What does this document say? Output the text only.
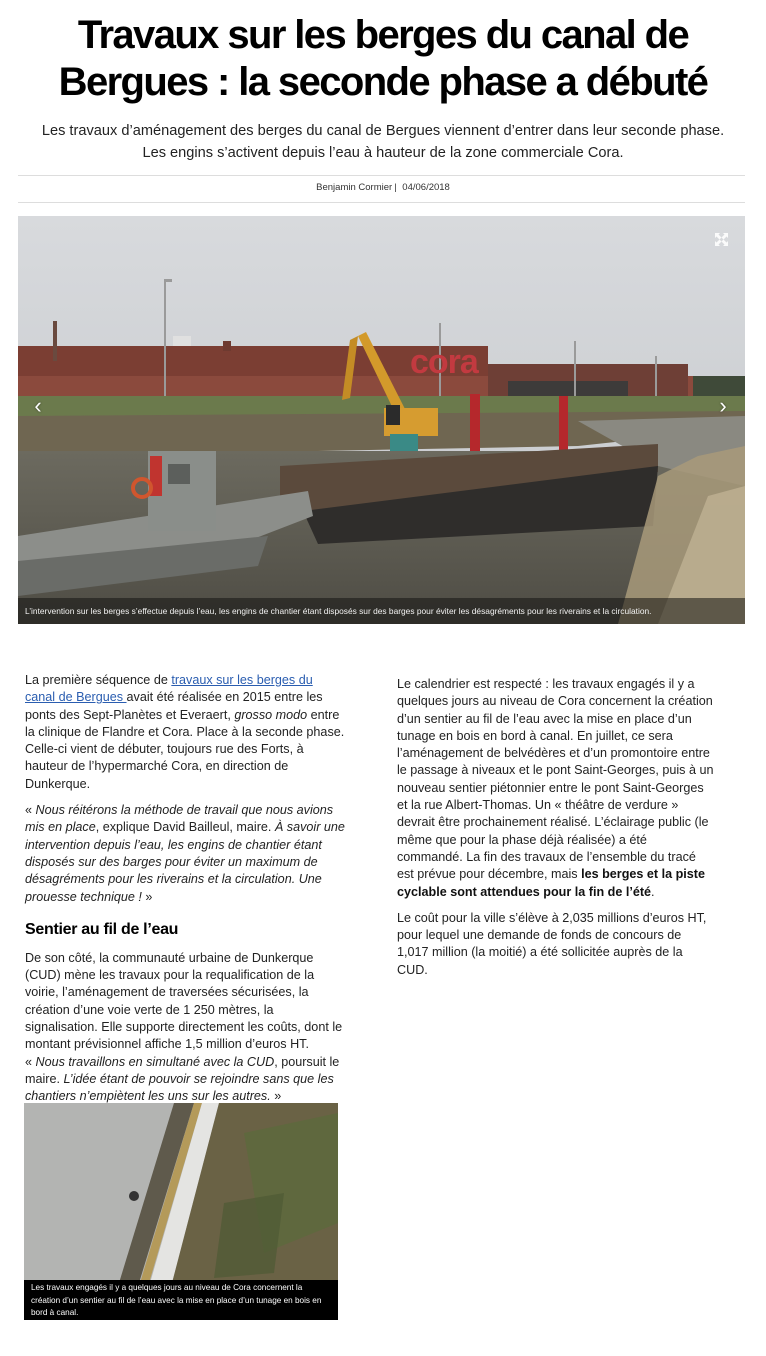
Travaux sur les berges du canal de Bergues : la seconde phase a débuté
Les travaux d’aménagement des berges du canal de Bergues viennent d’entrer dans leur seconde phase.
Les engins s’activent depuis l’eau à hauteur de la zone commerciale Cora.
Benjamin Cormier | 04/06/2018
cora
‹	›
L’intervention sur les berges s’effectue depuis l’eau, les engins de chantier étant disposés sur des barges pour éviter les désagréments pour les riverains et la circulation.

La première séquence de travaux sur les berges du canal de Bergues avait été réalisée en 2015 entre les ponts des Sept-Planètes et Everaert, grosso modo entre la clinique de Flandre et Cora. Place à la seconde phase. Celle-ci vient de débuter, toujours rue des Forts, à hauteur de l’hypermarché Cora, en direction de Dunkerque.

« Nous réitérons la méthode de travail que nous avions mis en place, explique David Bailleul, maire. À savoir une intervention depuis l’eau, les engins de chantier étant disposés sur des barges pour éviter un maximum de désagréments pour les riverains et la circulation. Une prouesse technique ! »

Sentier au fil de l’eau

De son côté, la communauté urbaine de Dunkerque (CUD) mène les travaux pour la requalification de la voirie, l’aménagement de traversées sécurisées, la création d’une voie verte de 1 250 mètres, la signalisation. Elle supporte directement les coûts, dont le montant prévisionnel affiche 1,5 million d’euros HT.
« Nous travaillons en simultané avec la CUD, poursuit le maire. L’idée étant de pouvoir se rejoindre sans que les chantiers n’empiètent les uns sur les autres. »

Les travaux engagés il y a quelques jours au niveau de Cora concernent la création d’un sentier au fil de l’eau avec la mise en place d’un tunage en bois en bord à canal.

Le calendrier est respecté : les travaux engagés il y a quelques jours au niveau de Cora concernent la création d’un sentier au fil de l’eau avec la mise en place d’un tunage en bois en bord à canal. En juillet, ce sera l’aménagement de belvédères et d’un promontoire entre le passage à niveaux et le pont Saint-Georges, puis à un nouveau sentier piétonnier entre le pont Saint-Georges et la rue Albert-Thomas. Un « théâtre de verdure » devrait être prochainement réalisé. L’éclairage public (le même que pour la phase déjà réalisée) a été commandé. La fin des travaux de l’ensemble du tracé est prévue pour décembre, mais les berges et la piste cyclable sont attendues pour la fin de l’été.

Le coût pour la ville s’élève à 2,035 millions d’euros HT, pour lequel une demande de fonds de concours de 1,017 million (la moitié) a été sollicitée auprès de la CUD.
